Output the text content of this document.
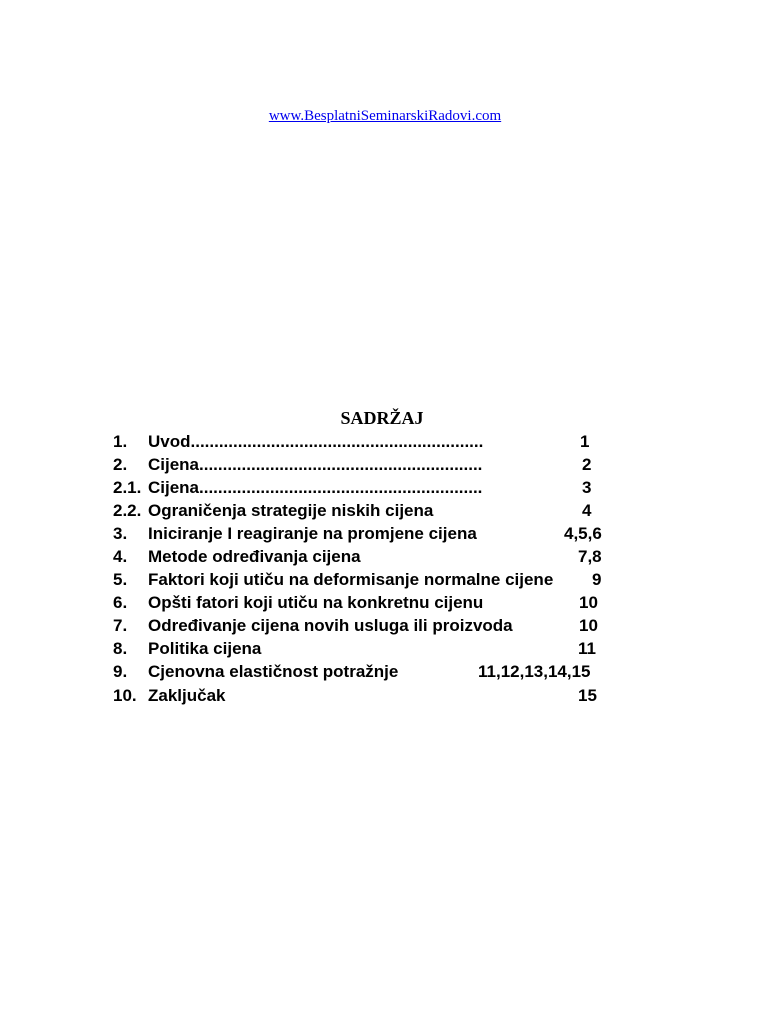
www.BesplatniSeminarskiRadovi.com
SADRŽAJ
1. Uvod..............................................................	1
2. Cijena............................................................	2
2.1. Cijena............................................................	3
2.2. Ograničenja strategije niskih cijena	4
3. Iniciranje I reagiranje na promjene cijena	4,5,6
4. Metode određivanja cijena	7,8
5. Faktori koji utiču na deformisanje normalne cijene 9
6. Opšti fatori koji utiču na konkretnu cijenu	10
7. Određivanje cijena novih usluga ili proizvoda	10
8. Politika cijena	11
9. Cjenovna elastičnost potražnje	11,12,13,14,15
10. Zaključak	15
